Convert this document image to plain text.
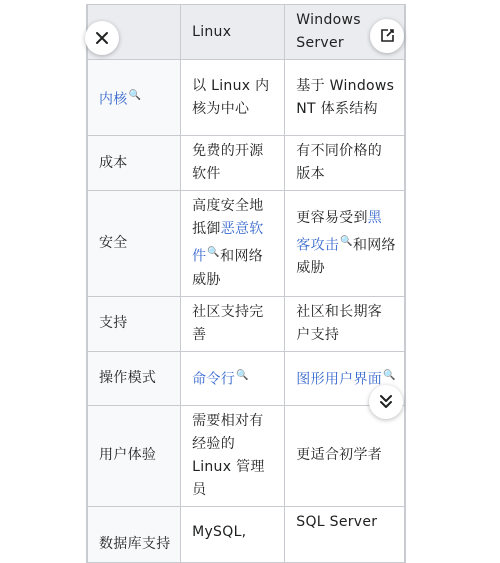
	Linux	Windows Server
内核🔍	以 Linux 内核为中心	基于 Windows NT 体系结构
成本	免费的开源软件	有不同价格的版本
安全	高度安全地抵御恶意软件🔍和网络威胁	更容易受到黑客攻击🔍和网络威胁
支持	社区支持完善	社区和长期客户支持
操作模式	命令行🔍	图形用户界面🔍
用户体验	需要相对有经验的 Linux 管理员	更适合初学者
数据库支持	MySQL,	SQL Server
